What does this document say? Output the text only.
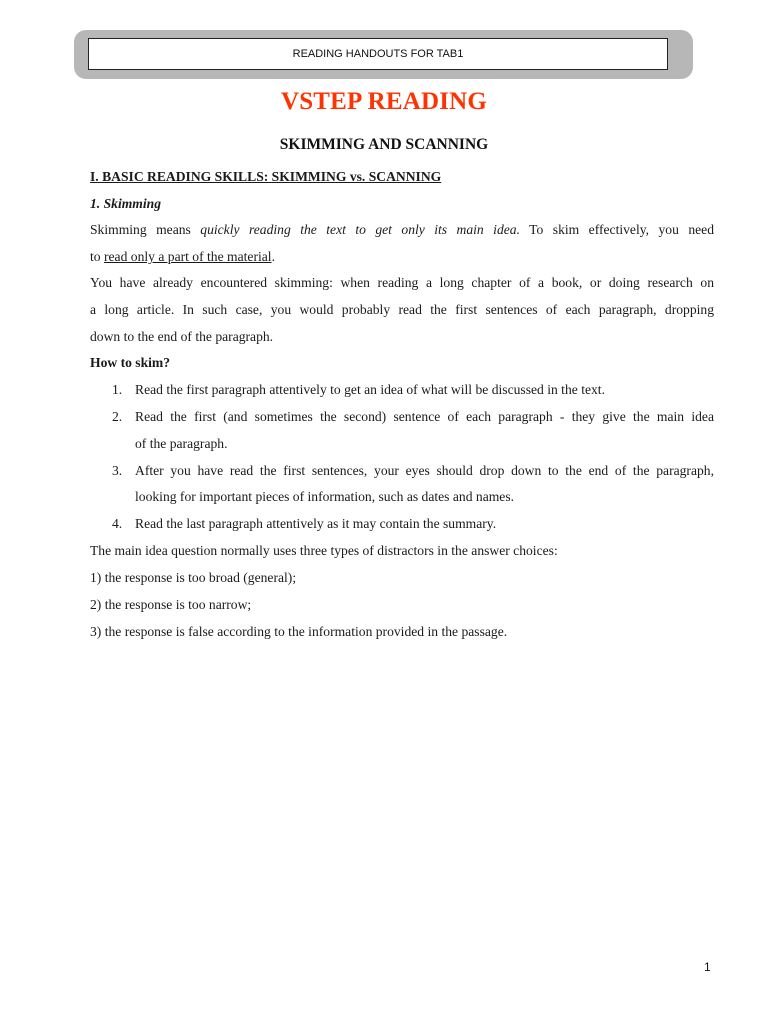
READING HANDOUTS FOR TAB1
VSTEP READING
SKIMMING AND SCANNING
I. BASIC READING SKILLS: SKIMMING vs. SCANNING
1. Skimming
Skimming means quickly reading the text to get only its main idea. To skim effectively, you need
to read only a part of the material.
You have already encountered skimming: when reading a long chapter of a book, or doing research on
a long article. In such case, you would probably read the first sentences of each paragraph, dropping
down to the end of the paragraph.
How to skim?
1. Read the first paragraph attentively to get an idea of what will be discussed in the text.
2. Read the first (and sometimes the second) sentence of each paragraph - they give the main idea
of the paragraph.
3. After you have read the first sentences, your eyes should drop down to the end of the paragraph,
looking for important pieces of information, such as dates and names.
4. Read the last paragraph attentively as it may contain the summary.
The main idea question normally uses three types of distractors in the answer choices:
1) the response is too broad (general);
2) the response is too narrow;
3) the response is false according to the information provided in the passage.
1
